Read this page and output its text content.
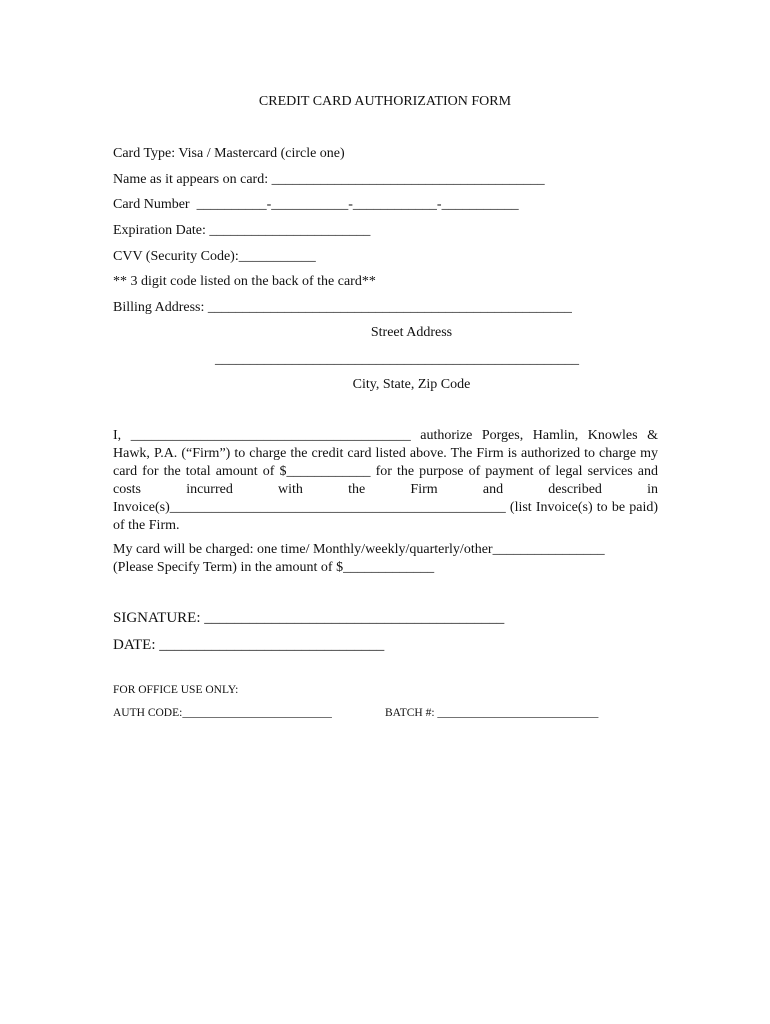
CREDIT CARD AUTHORIZATION FORM
Card Type: Visa / Mastercard (circle one)
Name as it appears on card: _______________________________________
Card Number  __________-___________-____________-___________
Expiration Date: _______________________
CVV (Security Code):___________
** 3 digit code listed on the back of the card**
Billing Address: ____________________________________________________
Street Address
____________________________________________________
City, State, Zip Code
I, ________________________________________ authorize Porges, Hamlin, Knowles & Hawk, P.A. (“Firm”) to charge the credit card listed above. The Firm is authorized to charge my card for the total amount of $____________ for the purpose of payment of legal services and costs incurred with the Firm and described in Invoice(s)________________________________________________ (list Invoice(s) to be paid) of the Firm.
My card will be charged: one time/ Monthly/weekly/quarterly/other________________
(Please Specify Term) in the amount of $_____________
SIGNATURE: ________________________________________
DATE: ______________________________
FOR OFFICE USE ONLY:
AUTH CODE:__________________________	BATCH #: ____________________________
